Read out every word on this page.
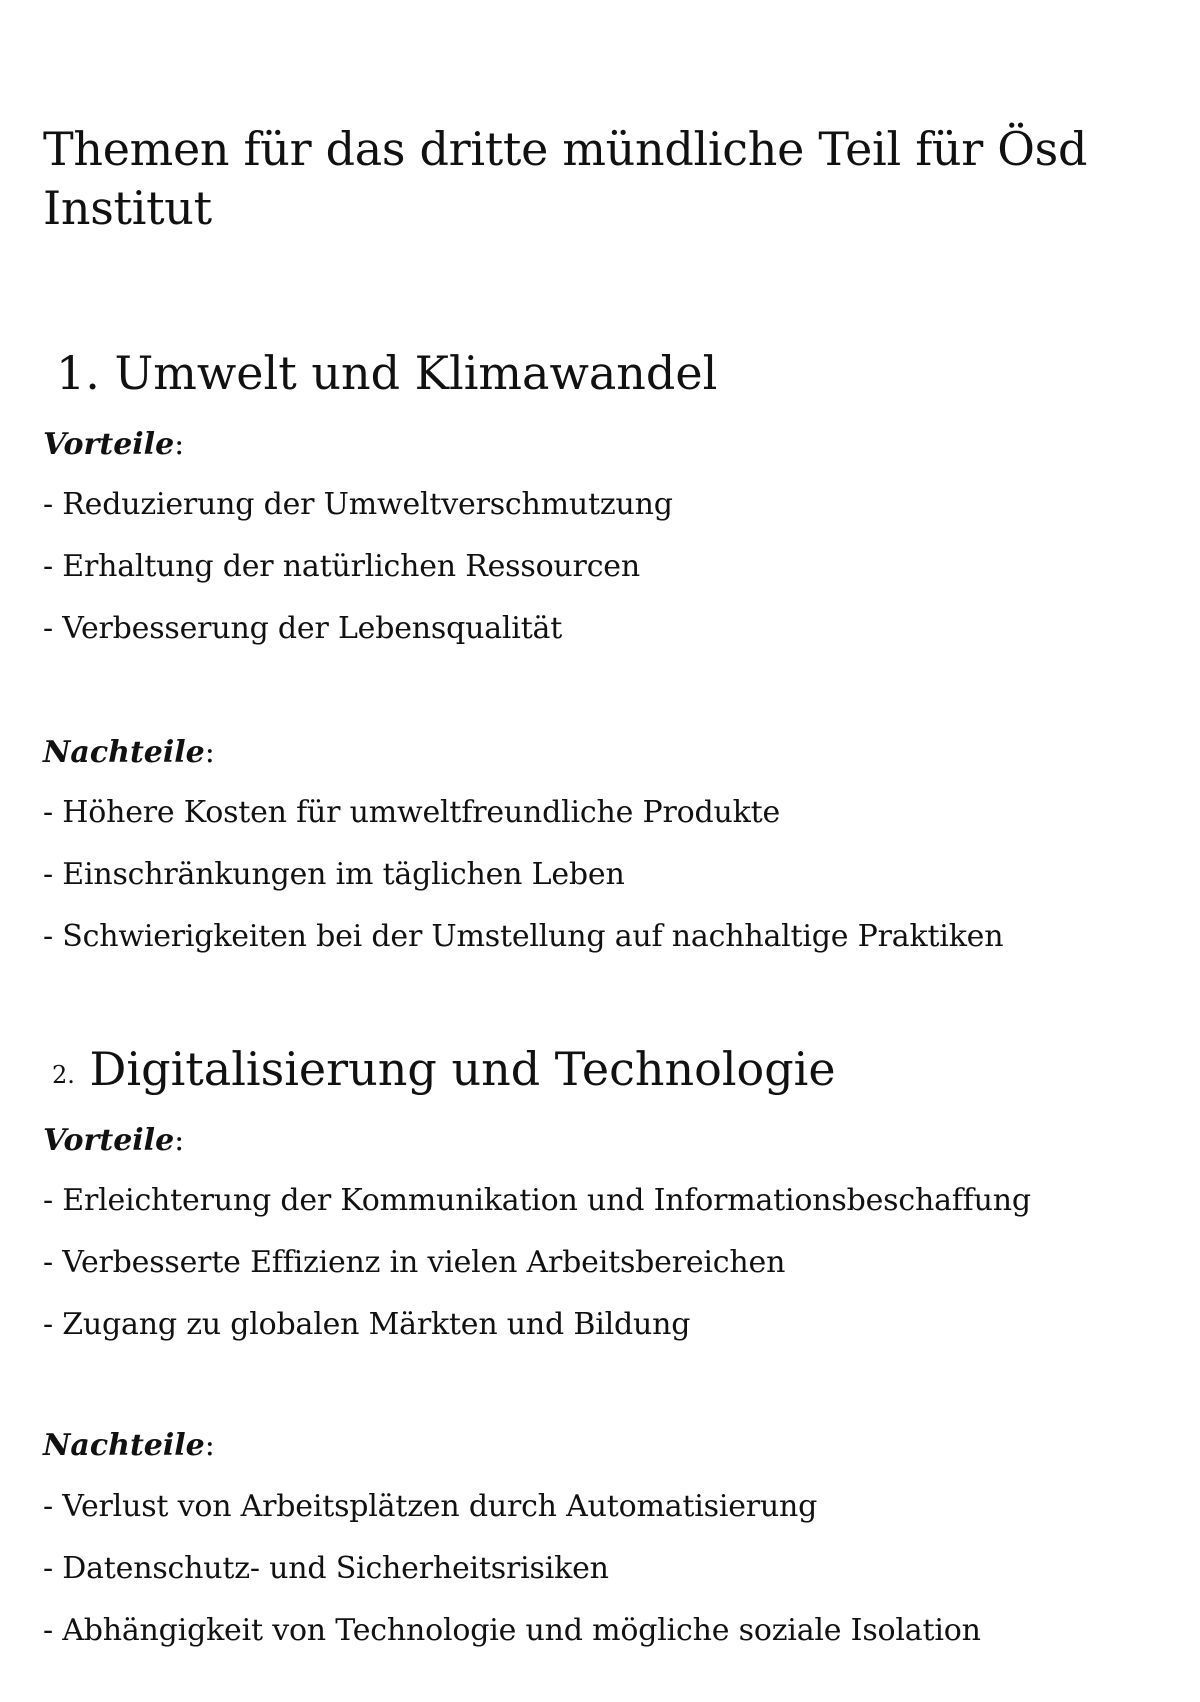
Themen für das dritte mündliche Teil für Ösd Institut
1. Umwelt und Klimawandel

Vorteile:

- Reduzierung der Umweltverschmutzung
- Erhaltung der natürlichen Ressourcen
- Verbesserung der Lebensqualität

Nachteile:

- Höhere Kosten für umweltfreundliche Produkte
- Einschränkungen im täglichen Leben
- Schwierigkeiten bei der Umstellung auf nachhaltige Praktiken
2. Digitalisierung und Technologie

Vorteile:

- Erleichterung der Kommunikation und Informationsbeschaffung
- Verbesserte Effizienz in vielen Arbeitsbereichen
- Zugang zu globalen Märkten und Bildung

Nachteile:

- Verlust von Arbeitsplätzen durch Automatisierung
- Datenschutz- und Sicherheitsrisiken
- Abhängigkeit von Technologie und mögliche soziale Isolation
